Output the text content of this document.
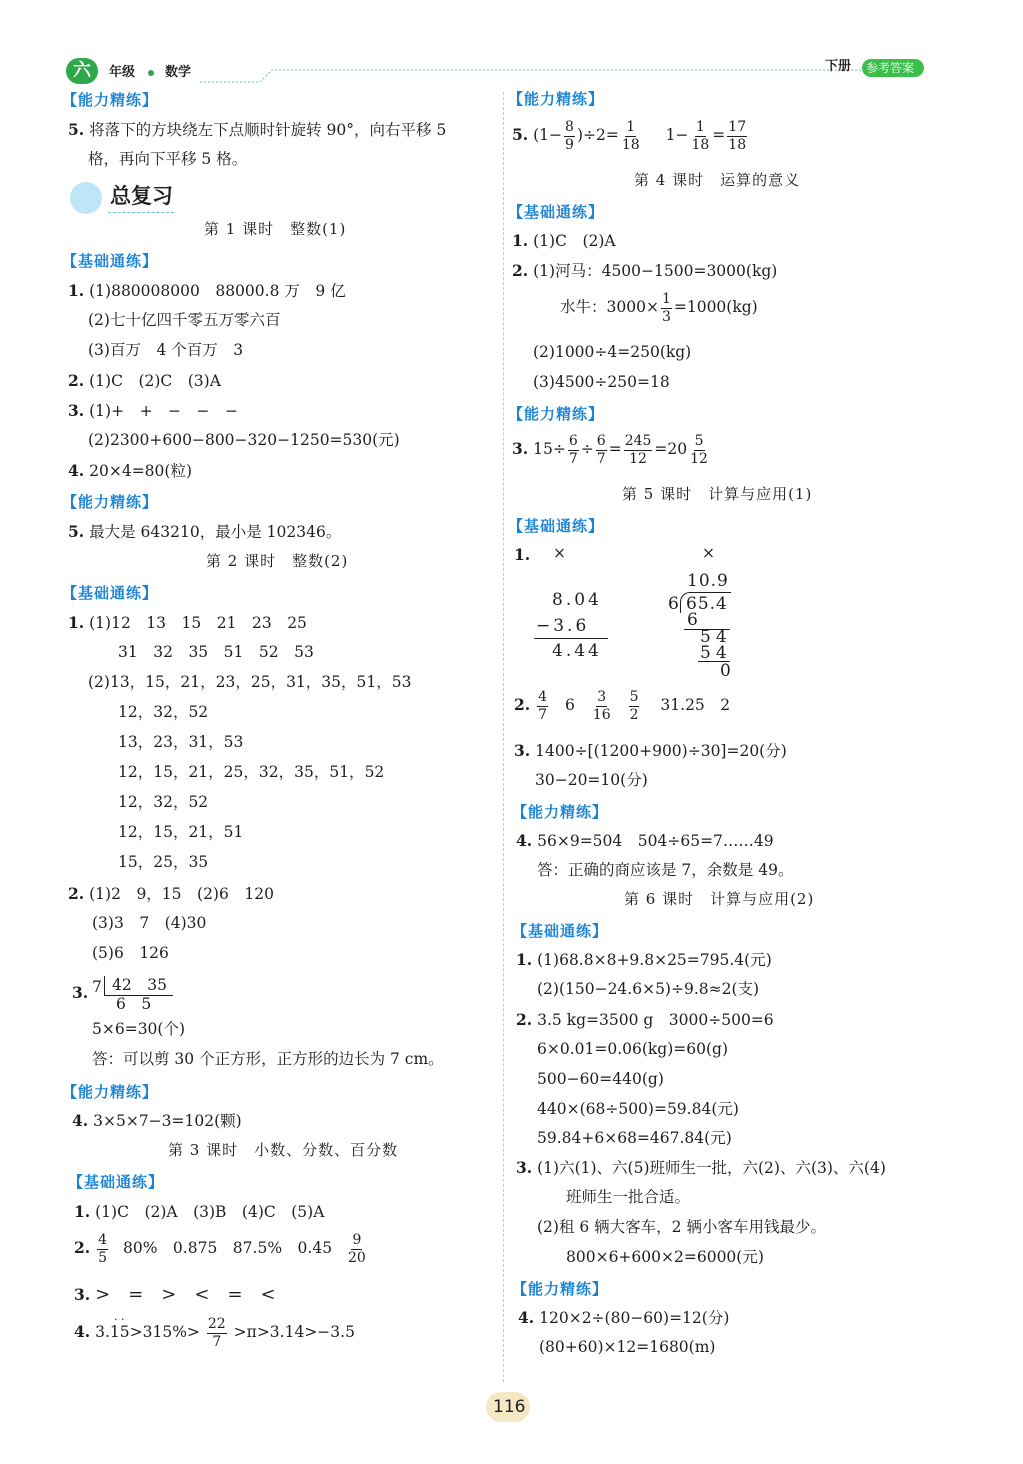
六 年级 数学	下册 参考答案
【能力精练】
5. 将落下的方块绕左下点顺时针旋转 90°，向右平移 5
格，再向下平移 5 格。
总复习
第 1 课时　整数(1)
【基础通练】
1. (1)880008000　88000.8 万　9 亿
(2)七十亿四千零五万零六百
(3)百万　4 个百万　3
2. (1)C　(2)C　(3)A
3. (1)+　+　−　−　−
(2)2300+600−800−320−1250=530(元)
4. 20×4=80(粒)
【能力精练】
5. 最大是 643210，最小是 102346。
第 2 课时　整数(2)
【基础通练】
1. (1)12　13　15　21　23　25
31　32　35　51　52　53
(2)13，15，21，23，25，31，35，51，53
12，32，52
13，23，31，53
12，15，21，25，32，35，51，52
12，32，52
12，15，21，51
15，25，35
2. (1)2　9，15　(2)6　120
(3)3　7　(4)30
(5)6　126
3. 7 42　35
6　5
5×6=30(个)
答：可以剪 30 个正方形，正方形的边长为 7 cm。
【能力精练】
4. 3×5×7−3=102(颗)
第 3 课时　小数、分数、百分数
【基础通练】
1. (1)C　(2)A　(3)B　(4)C　(5)A
2. $\frac{4}{5} 80\%$　0.875　87.5%　$0.45 \frac{9}{20}$
3. >　=　>　<　=　<
· ·
4. $3.15>315\%> \frac{22}{7} >\pi>3.14>-3.5$
【能力精练】
5. $(1- \frac{8}{9} )\div 2= \frac{1}{18} 1- \frac{1}{18} = \frac{17}{18}$
第 4 课时　运算的意义
【基础通练】
1. (1)C　(2)A
2. (1)河马：4500−1500=3000(kg)
水牛：$3000\times \frac{1}{3} =1000(kg)$
(2)1000÷4=250(kg)
(3)4500÷250=18
【能力精练】
3. $15\div \frac{6}{7} \div \frac{6}{7} = \frac{245}{12} =20 \frac{5}{12}$
第 5 课时　计算与应用(1)
【基础通练】
1. ×	×
8.04
−3.6
4.44
10.9
6 65.4
6
54
54
0
2. $\frac{4}{7} 6 \frac{3}{16}$
$\frac{5}{2} 31.25$　2
3. 1400÷[(1200+900)÷30]=20(分)
30−20=10(分)
【能力精练】
4. 56×9=504　504÷65=7……49
答：正确的商应该是 7，余数是 49。
第 6 课时　计算与应用(2)
【基础通练】
1. (1)68.8×8+9.8×25=795.4(元)
(2)(150−24.6×5)÷9.8≈2(支)
2. 3.5 kg=3500 g　3000÷500=6
6×0.01=0.06(kg)=60(g)
500−60=440(g)
440×(68÷500)=59.84(元)
59.84+6×68=467.84(元)
3. (1)六(1)、六(5)班师生一批，六(2)、六(3)、六(4)
班师生一批合适。
(2)租 6 辆大客车，2 辆小客车用钱最少。
800×6+600×2=6000(元)
【能力精练】
4. 120×2÷(80−60)=12(分)
(80+60)×12=1680(m)
116
